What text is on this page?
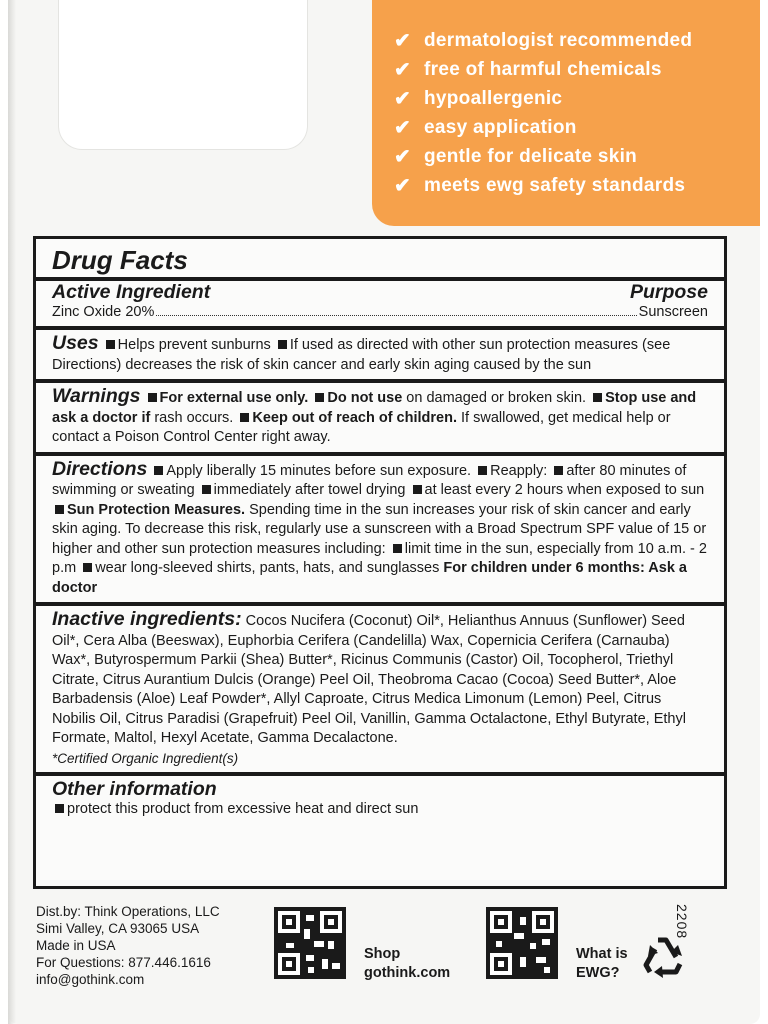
✔ dermatologist recommended
✔ free of harmful chemicals
✔ hypoallergenic
✔ easy application
✔ gentle for delicate skin
✔ meets ewg safety standards
Drug Facts
Active Ingredient	Purpose
Zinc Oxide 20%	Sunscreen
Uses Helps prevent sunburns If used as directed with other sun protection measures (see Directions) decreases the risk of skin cancer and early skin aging caused by the sun
Warnings For external use only. Do not use on damaged or broken skin. Stop use and ask a doctor if rash occurs. Keep out of reach of children. If swallowed, get medical help or contact a Poison Control Center right away.
Directions Apply liberally 15 minutes before sun exposure. Reapply: after 80 minutes of swimming or sweating immediately after towel drying at least every 2 hours when exposed to sun Sun Protection Measures. Spending time in the sun increases your risk of skin cancer and early skin aging. To decrease this risk, regularly use a sunscreen with a Broad Spectrum SPF value of 15 or higher and other sun protection measures including: limit time in the sun, especially from 10 a.m. - 2 p.m wear long-sleeved shirts, pants, hats, and sunglasses For children under 6 months: Ask a doctor
Inactive ingredients: Cocos Nucifera (Coconut) Oil*, Helianthus Annuus (Sunflower) Seed Oil*, Cera Alba (Beeswax), Euphorbia Cerifera (Candelilla) Wax, Copernicia Cerifera (Carnauba) Wax*, Butyrospermum Parkii (Shea) Butter*, Ricinus Communis (Castor) Oil, Tocopherol, Triethyl Citrate, Citrus Aurantium Dulcis (Orange) Peel Oil, Theobroma Cacao (Cocoa) Seed Butter*, Aloe Barbadensis (Aloe) Leaf Powder*, Allyl Caproate, Citrus Medica Limonum (Lemon) Peel, Citrus Nobilis Oil, Citrus Paradisi (Grapefruit) Peel Oil, Vanillin, Gamma Octalactone, Ethyl Butyrate, Ethyl Formate, Maltol, Hexyl Acetate, Gamma Decalactone.
*Certified Organic Ingredient(s)
Other information
protect this product from excessive heat and direct sun
Dist.by: Think Operations, LLC
Simi Valley, CA 93065 USA
Made in USA
For Questions: 877.446.1616
info@gothink.com
Shop
gothink.com
What is
EWG?
2208
